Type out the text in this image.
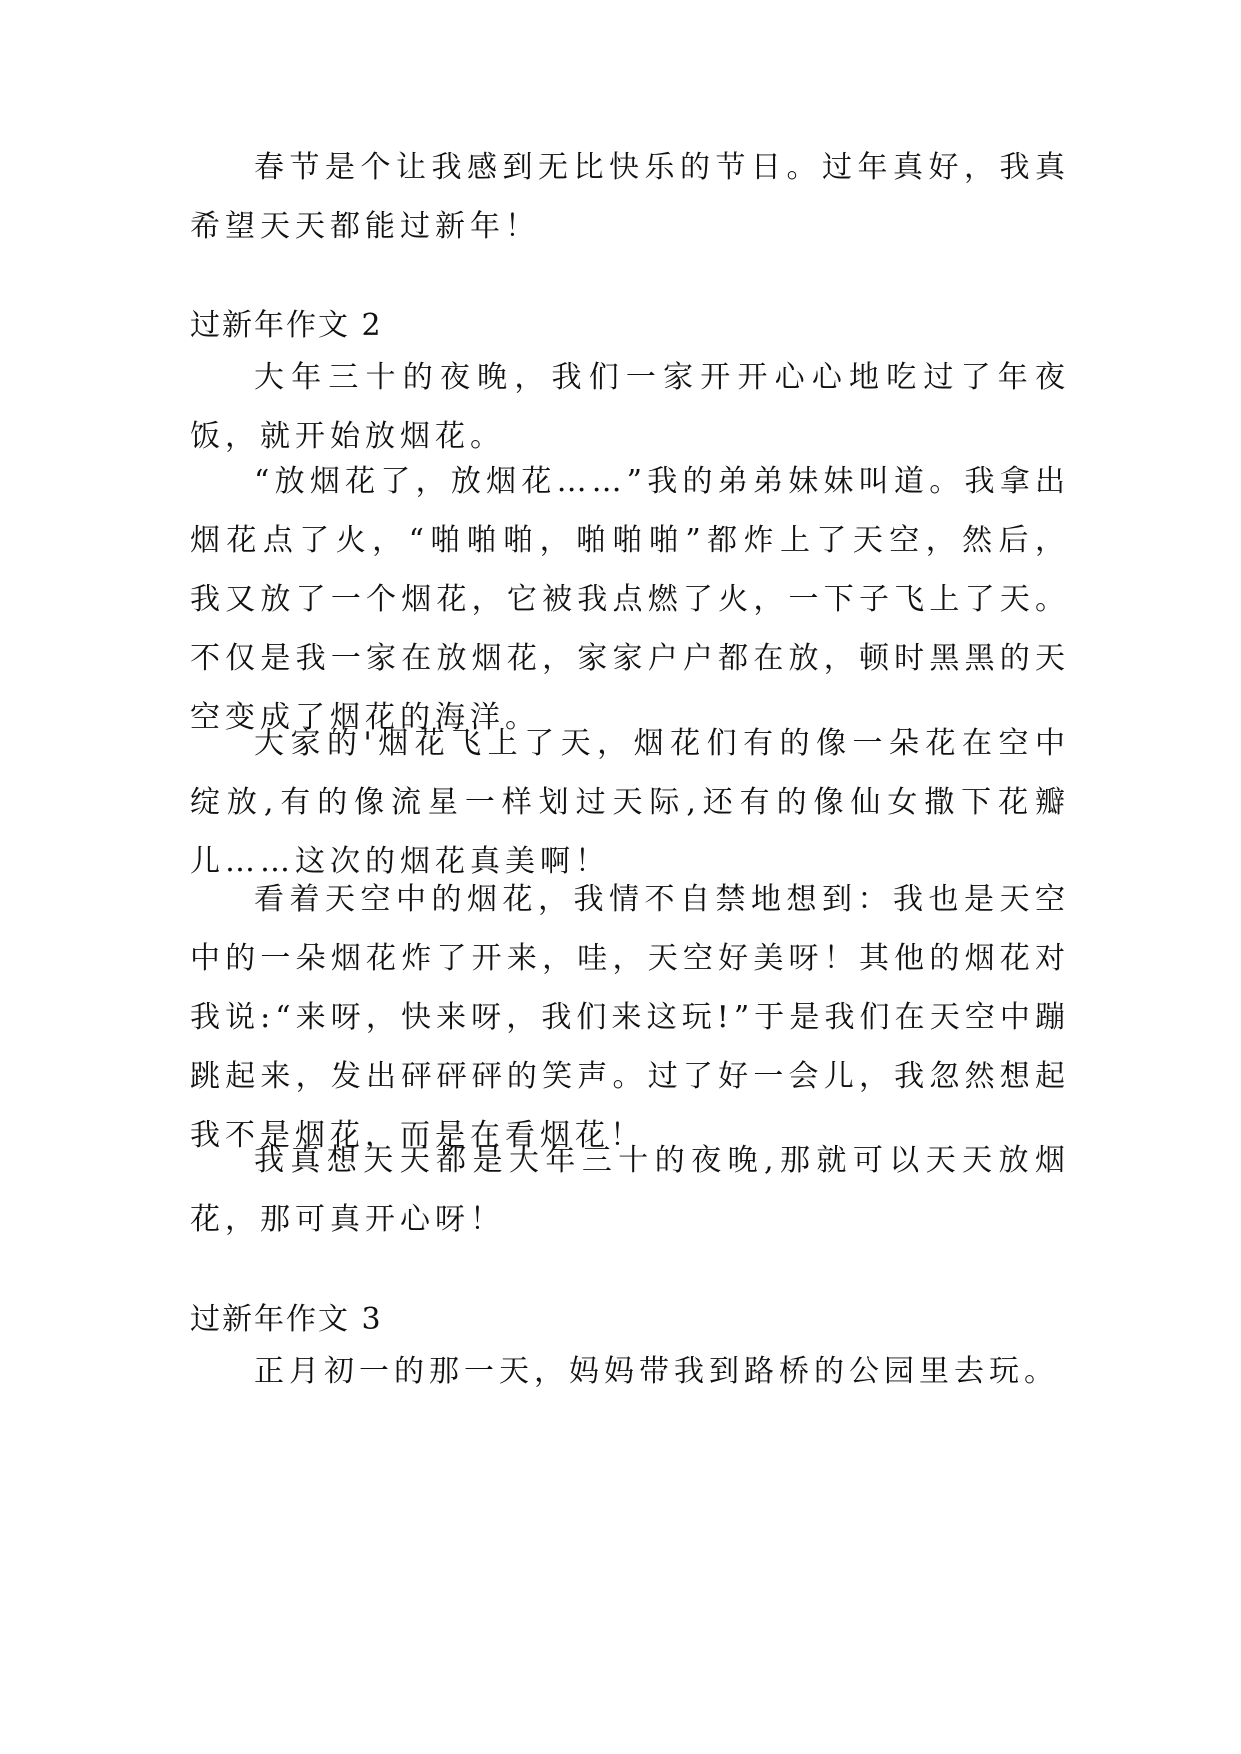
春节是个让我感到无比快乐的节日。过年真好，我真希望天天都能过新年！

过新年作文 2

大年三十的夜晚，我们一家开开心心地吃过了年夜饭，就开始放烟花。

“放烟花了，放烟花……”我的弟弟妹妹叫道。我拿出烟花点了火，“啪啪啪，啪啪啪”都炸上了天空，然后，我又放了一个烟花，它被我点燃了火，一下子飞上了天。不仅是我一家在放烟花，家家户户都在放，顿时黑黑的天空变成了烟花的海洋。

大家的'烟花飞上了天，烟花们有的像一朵花在空中绽放,有的像流星一样划过天际,还有的像仙女撒下花瓣儿……这次的烟花真美啊！

看着天空中的烟花，我情不自禁地想到：我也是天空中的一朵烟花炸了开来，哇，天空好美呀！其他的烟花对我说:“来呀，快来呀，我们来这玩!”于是我们在天空中蹦跳起来，发出砰砰砰的笑声。过了好一会儿，我忽然想起我不是烟花，而是在看烟花！

我真想天天都是大年三十的夜晚,那就可以天天放烟花，那可真开心呀！

过新年作文 3

正月初一的那一天，妈妈带我到路桥的公园里去玩。
